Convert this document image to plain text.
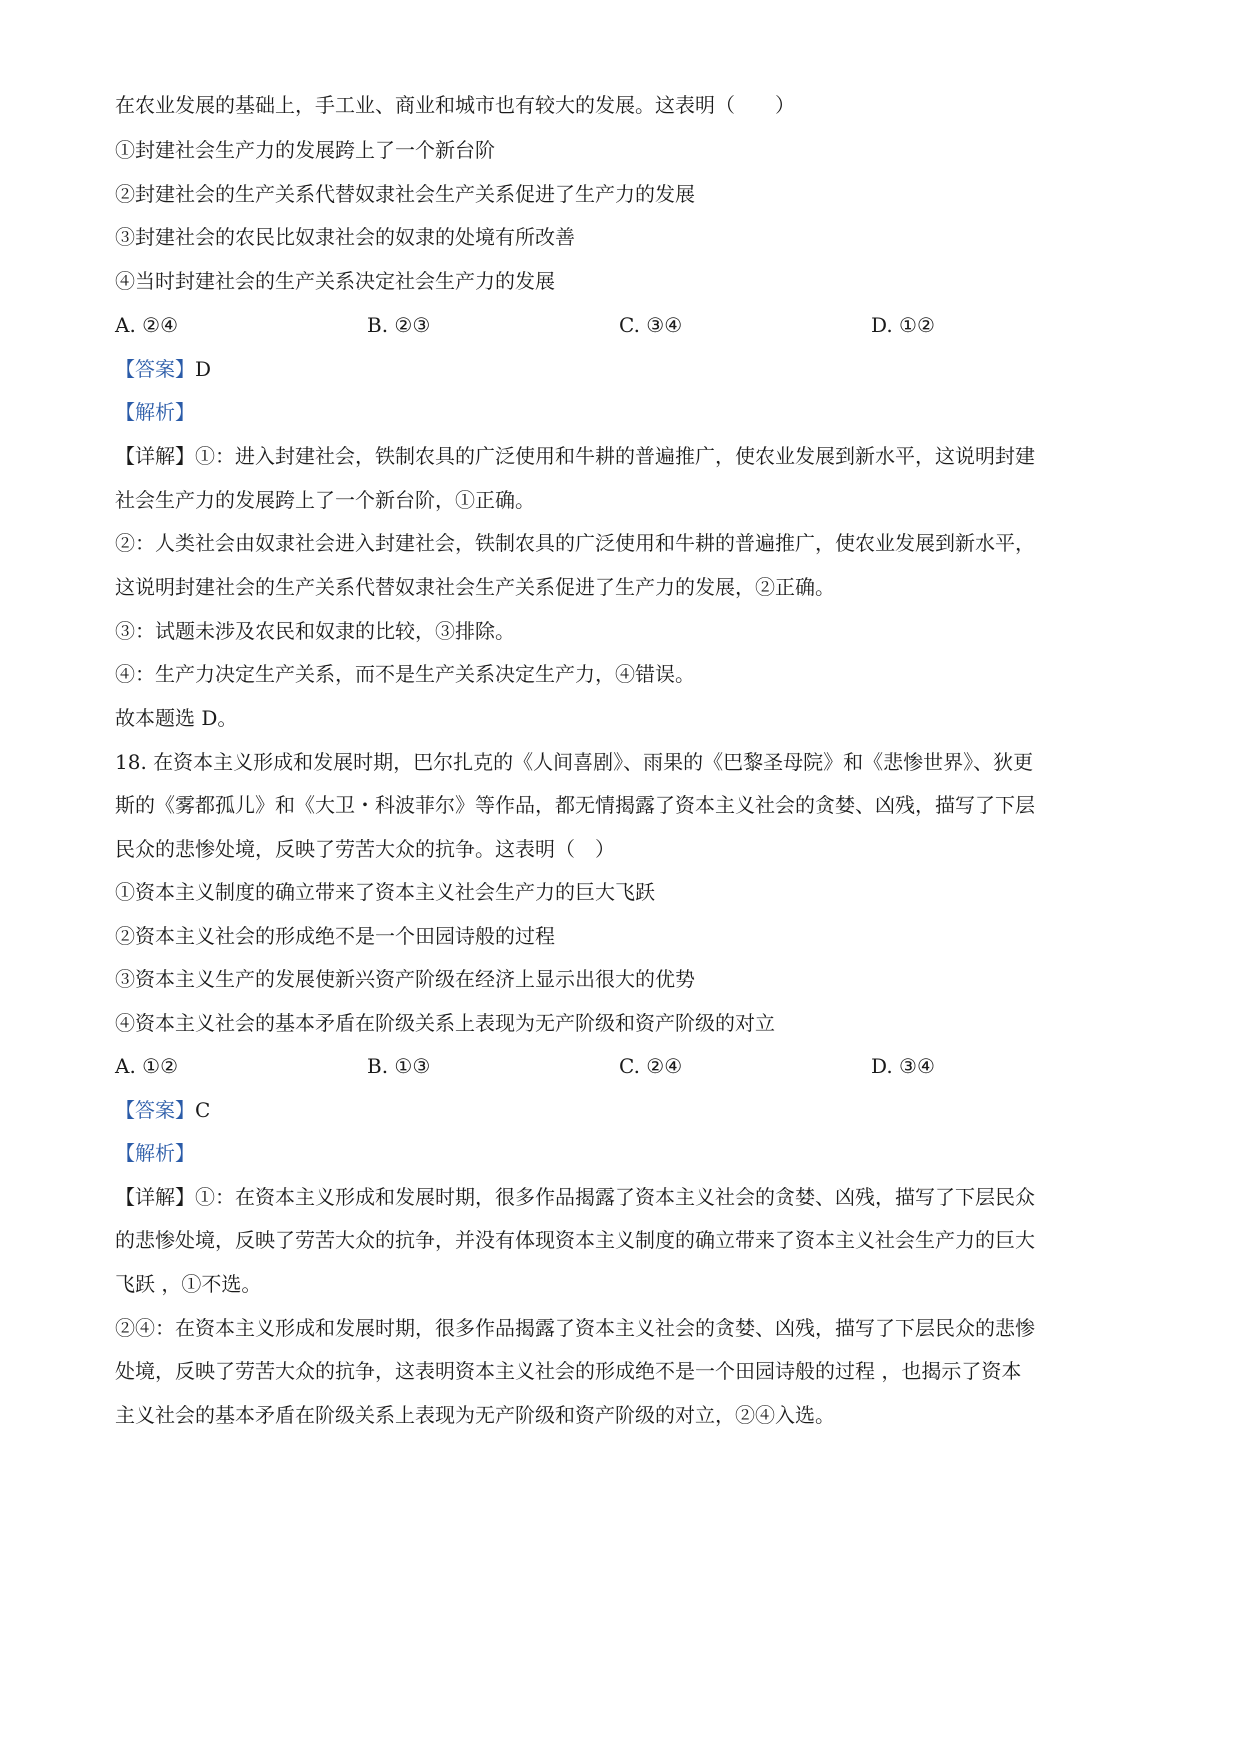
在农业发展的基础上，手工业、商业和城市也有较大的发展。这表明（　　）
①封建社会生产力的发展跨上了一个新台阶
②封建社会的生产关系代替奴隶社会生产关系促进了生产力的发展
③封建社会的农民比奴隶社会的奴隶的处境有所改善
④当时封建社会的生产关系决定社会生产力的发展
A. ②④	B. ②③	C. ③④	D. ①②
【答案】D
【解析】
【详解】①：进入封建社会，铁制农具的广泛使用和牛耕的普遍推广，使农业发展到新水平，这说明封建
社会生产力的发展跨上了一个新台阶，①正确。
②：人类社会由奴隶社会进入封建社会，铁制农具的广泛使用和牛耕的普遍推广，使农业发展到新水平，
这说明封建社会的生产关系代替奴隶社会生产关系促进了生产力的发展，②正确。
③：试题未涉及农民和奴隶的比较，③排除。
④：生产力决定生产关系，而不是生产关系决定生产力，④错误。
故本题选 D。
18. 在资本主义形成和发展时期，巴尔扎克的《人间喜剧》、雨果的《巴黎圣母院》和《悲惨世界》、狄更
斯的《雾都孤儿》和《大卫・科波菲尔》等作品，都无情揭露了资本主义社会的贪婪、凶残，描写了下层
民众的悲惨处境，反映了劳苦大众的抗争。这表明（　）
①资本主义制度的确立带来了资本主义社会生产力的巨大飞跃
②资本主义社会的形成绝不是一个田园诗般的过程
③资本主义生产的发展使新兴资产阶级在经济上显示出很大的优势
④资本主义社会的基本矛盾在阶级关系上表现为无产阶级和资产阶级的对立
A. ①②	B. ①③	C. ②④	D. ③④
【答案】C
【解析】
【详解】①：在资本主义形成和发展时期，很多作品揭露了资本主义社会的贪婪、凶残，描写了下层民众
的悲惨处境，反映了劳苦大众的抗争，并没有体现资本主义制度的确立带来了资本主义社会生产力的巨大
飞跃 ，①不选。
②④：在资本主义形成和发展时期，很多作品揭露了资本主义社会的贪婪、凶残，描写了下层民众的悲惨
处境，反映了劳苦大众的抗争，这表明资本主义社会的形成绝不是一个田园诗般的过程 ，也揭示了资本
主义社会的基本矛盾在阶级关系上表现为无产阶级和资产阶级的对立，②④入选。
